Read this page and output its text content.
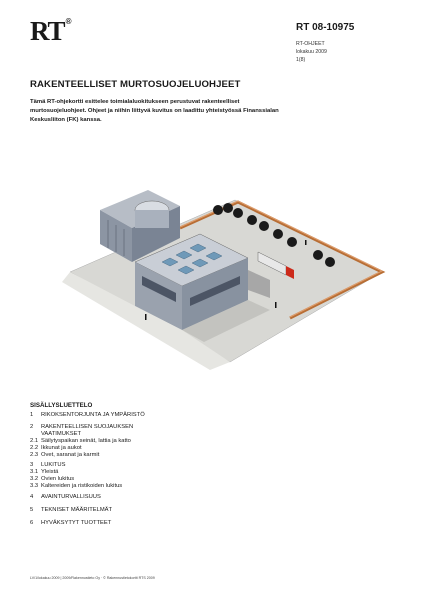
RT®
RT 08-10975
RT-OHJEET
lokakuu 2009
1(8)
RAKENTEELLISET MURTOSUOJELUOHJEET
Tämä RT-ohjekortti esittelee toimialaluokitukseen perustuvat rakenteelliset murtosuojeluohjeet. Ohjeet ja niihin liittyvä kuvitus on laadittu yhteistyössä Finanssialan Keskusliiton (FK) kanssa.
SISÄLLYSLUETTELO
1 RIKOKSENTORJUNTA JA YMPÄRISTÖ
2 RAKENTEELLISEN SUOJAUKSEN
VAATIMUKSET
2.1 Säilytyspaikan seinät, lattia ja katto
2.2 Ikkunat ja aukot
2.3 Ovet, saranat ja karmit
3 LUKITUS
3.1 Yleistä
3.2 Ovien lukitus
3.3 Kaltereiden ja ristikoiden lukitus
4 AVAINTURVALLISUUS
5 TEKNISET MÄÄRITELMÄT
6 HYVÄKSYTYT TUOTTEET
LV/1/lokakuu 2009 | 2009/Rakennustieto Oy · © Rakennustietokortit RTS 2009
